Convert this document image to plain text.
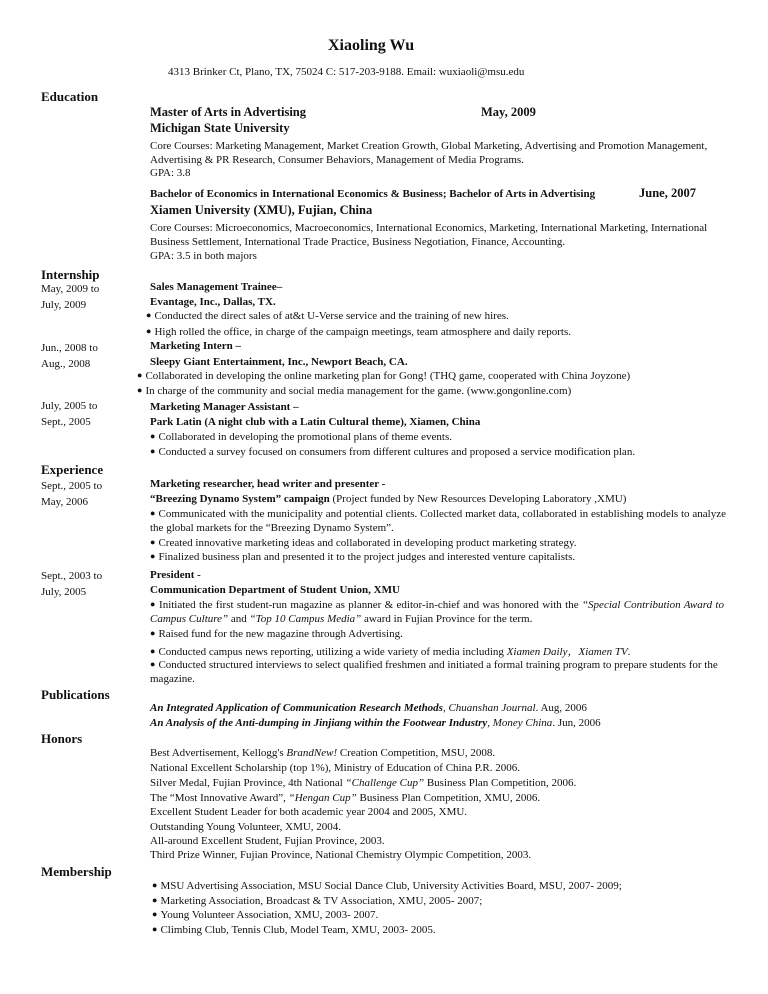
Xiaoling Wu
4313 Brinker Ct, Plano, TX, 75024 C: 517-203-9188. Email: wuxiaoli@msu.edu
Education
Master of Arts in Advertising	May, 2009
Michigan State University
Core Courses: Marketing Management, Market Creation Growth, Global Marketing, Advertising and Promotion Management, Advertising & PR Research, Consumer Behaviors, Management of Media Programs.
GPA: 3.8
Bachelor of Economics in International Economics & Business; Bachelor of Arts in Advertising	June, 2007
Xiamen University (XMU), Fujian, China
Core Courses: Microeconomics, Macroeconomics, International Economics, Marketing, International Marketing, International Business Settlement, International Trade Practice, Business Negotiation, Finance, Accounting.
GPA: 3.5 in both majors
Internship
May, 2009 to
July, 2009
Sales Management Trainee–
Evantage, Inc., Dallas, TX.
● Conducted the direct sales of at&t U-Verse service and the training of new hires.
● High rolled the office, in charge of the campaign meetings, team atmosphere and daily reports.
Jun., 2008 to
Aug., 2008
Marketing Intern –
Sleepy Giant Entertainment, Inc., Newport Beach, CA.
● Collaborated in developing the online marketing plan for Gong! (THQ game, cooperated with China Joyzone)
● In charge of the community and social media management for the game. (www.gongonline.com)
July, 2005 to
Sept., 2005
Marketing Manager Assistant –
Park Latin (A night club with a Latin Cultural theme), Xiamen, China
● Collaborated in developing the promotional plans of theme events.
● Conducted a survey focused on consumers from different cultures and proposed a service modification plan.
Experience
Sept., 2005 to
May, 2006
Marketing researcher, head writer and presenter -
“Breezing Dynamo System” campaign (Project funded by New Resources Developing Laboratory ,XMU)
● Communicated with the municipality and potential clients. Collected market data, collaborated in establishing models to analyze the global markets for the “Breezing Dynamo System”.
● Created innovative marketing ideas and collaborated in developing product marketing strategy.
● Finalized business plan and presented it to the project judges and interested venture capitalists.
Sept., 2003 to
July, 2005
President -
Communication Department of Student Union, XMU
● Initiated the first student-run magazine as planner & editor-in-chief and was honored with the “Special Contribution Award to Campus Culture” and “Top 10 Campus Media” award in Fujian Province for the term.
● Raised fund for the new magazine through Advertising.
● Conducted campus news reporting, utilizing a wide variety of media including Xiamen Daily，Xiamen TV.
● Conducted structured interviews to select qualified freshmen and initiated a formal training program to prepare students for the magazine.
Publications
An Integrated Application of Communication Research Methods, Chuanshan Journal. Aug, 2006
An Analysis of the Anti-dumping in Jinjiang within the Footwear Industry, Money China. Jun, 2006
Honors
Best Advertisement, Kellogg's BrandNew! Creation Competition, MSU, 2008.
National Excellent Scholarship (top 1%), Ministry of Education of China P.R. 2006.
Silver Medal, Fujian Province, 4th National “Challenge Cup” Business Plan Competition, 2006.
The “Most Innovative Award”, “Hengan Cup” Business Plan Competition, XMU, 2006.
Excellent Student Leader for both academic year 2004 and 2005, XMU.
Outstanding Young Volunteer, XMU, 2004.
All-around Excellent Student, Fujian Province, 2003.
Third Prize Winner, Fujian Province, National Chemistry Olympic Competition, 2003.
Membership
● MSU Advertising Association, MSU Social Dance Club, University Activities Board, MSU, 2007- 2009;
● Marketing Association, Broadcast & TV Association, XMU, 2005- 2007;
● Young Volunteer Association, XMU, 2003- 2007.
● Climbing Club, Tennis Club, Model Team, XMU, 2003- 2005.
